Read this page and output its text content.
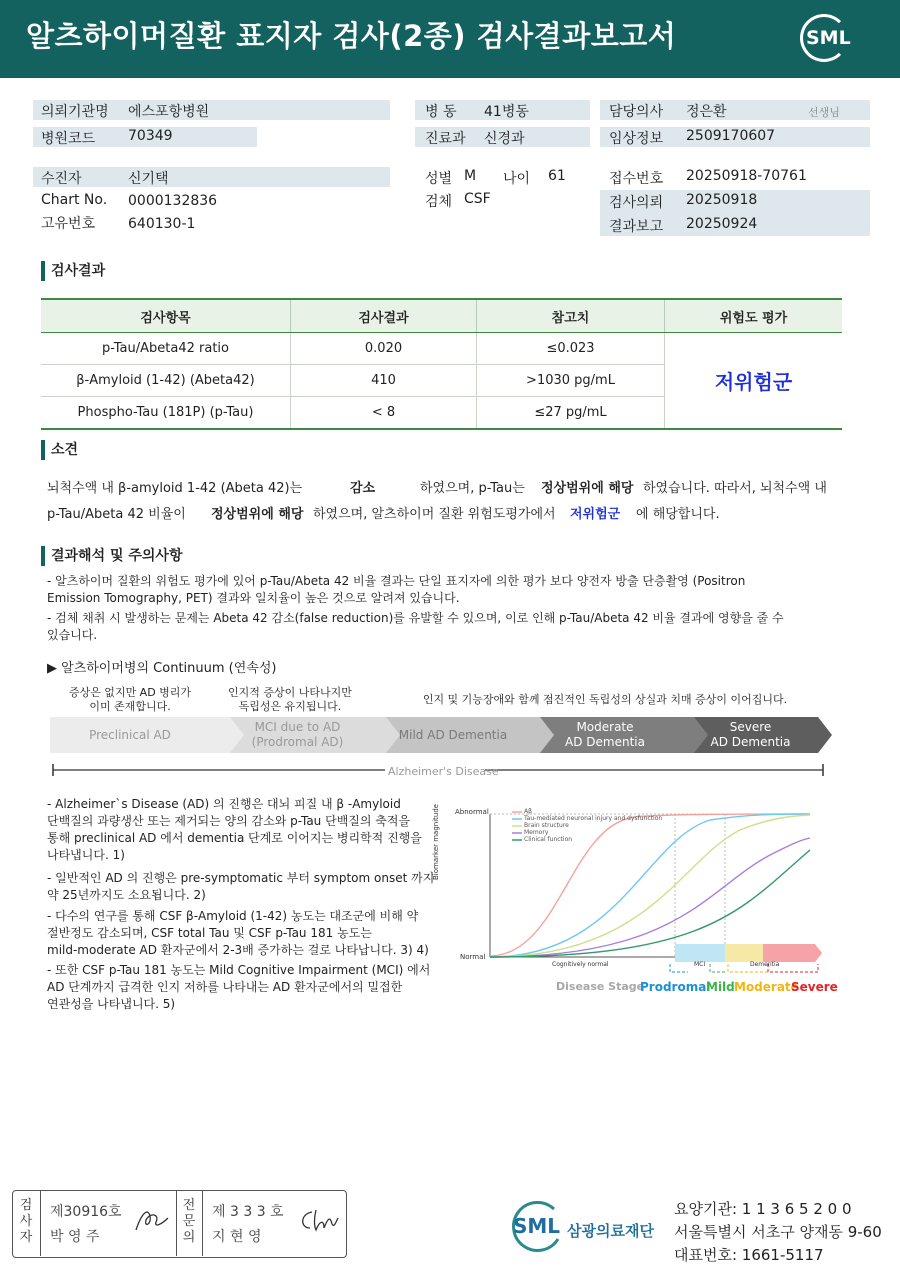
알츠하이머질환 표지자 검사(2종) 검사결과보고서	SML
의뢰기관명 에스포항병원
병원코드 70349
병 동 41병동
진료과 신경과
담당의사 정은환	선생님
임상정보 2509170607
수진자	신기택
Chart No. 0000132836
고유번호 640130-1
성별 M 나이 61
검체 CSF
접수번호 20250918-70761
검사의뢰 20250918
결과보고 20250924
검사결과
검사항목	검사결과	참고치	위험도 평가
p-Tau/Abeta42 ratio	0.020	≤0.023	저위험군
β-Amyloid (1-42) (Abeta42)	410	>1030 pg/mL	
Phospho-Tau (181P) (p-Tau)	< 8	≤27 pg/mL	
소견
뇌척수액 내 β-amyloid 1-42 (Abeta 42)는	감소	하였으며, p-Tau는 정상범위에 해당 하였습니다. 따라서, 뇌척수액 내
p-Tau/Abeta 42 비율이 정상범위에 해당 하였으며, 알츠하이머 질환 위험도평가에서 저위험군 에 해당합니다.
결과해석 및 주의사항
- 알츠하이머 질환의 위험도 평가에 있어 p-Tau/Abeta 42 비율 결과는 단일 표지자에 의한 평가 보다 양전자 방출 단층촬영 (Positron Emission Tomography, PET) 결과와 일치율이 높은 것으로 알려져 있습니다.
- 검체 채취 시 발생하는 문제는 Abeta 42 감소(false reduction)를 유발할 수 있으며, 이로 인해 p-Tau/Abeta 42 비율 결과에 영향을 줄 수 있습니다.
▶ 알츠하이머병의 Continuum (연속성)
증상은 없지만 AD 병리가
이미 존재합니다.
인지적 증상이 나타나지만
독립성은 유지됩니다.
인지 및 기능장애와 함께 점진적인 독립성의 상실과 치매 증상이 이어집니다.
Preclinical AD
MCI due to AD
(Prodromal AD)
Mild AD Dementia
Moderate
AD Dementia
Severe
AD Dementia
Alzheimer's Disease
- Alzheimer`s Disease (AD) 의 진행은 대뇌 피질 내 β -Amyloid
단백질의 과량생산 또는 제거되는 양의 감소와 p-Tau 단백질의 축적을
통해 preclinical AD 에서 dementia 단계로 이어지는 병리학적 진행을
나타냅니다. 1)
- 일반적인 AD 의 진행은 pre-symptomatic 부터 symptom onset 까지
약 25년까지도 소요됩니다. 2)
- 다수의 연구를 통해 CSF β-Amyloid (1-42) 농도는 대조군에 비해 약
절반정도 감소되며, CSF total Tau 및 CSF p-Tau 181 농도는
mild-moderate AD 환자군에서 2-3배 증가하는 걸로 나타납니다. 3) 4)
- 또한 CSF p-Tau 181 농도는 Mild Cognitive Impairment (MCI) 에서
AD 단계까지 급격한 인지 저하를 나타내는 AD 환자군에서의 밀접한
연관성을 나타냅니다. 5)
Abnormal
Normal
Biomarker magnitude	Aβ
Tau-mediated neuronal injury and dysfunction
Brain structure
Memory
Clinical function
Cognitively normal	MCI	Dementia
Disease Stage
Prodromal
Mild Moderate
Severe
검
사
자
전
문
의
제30916호
박 영 주
제 3 3 3 호
지 현 영	SML 삼광의료재단
요양기관: 1 1 3 6 5 2 0 0
서울특별시 서초구 양재동 9-60
대표번호: 1661-5117
